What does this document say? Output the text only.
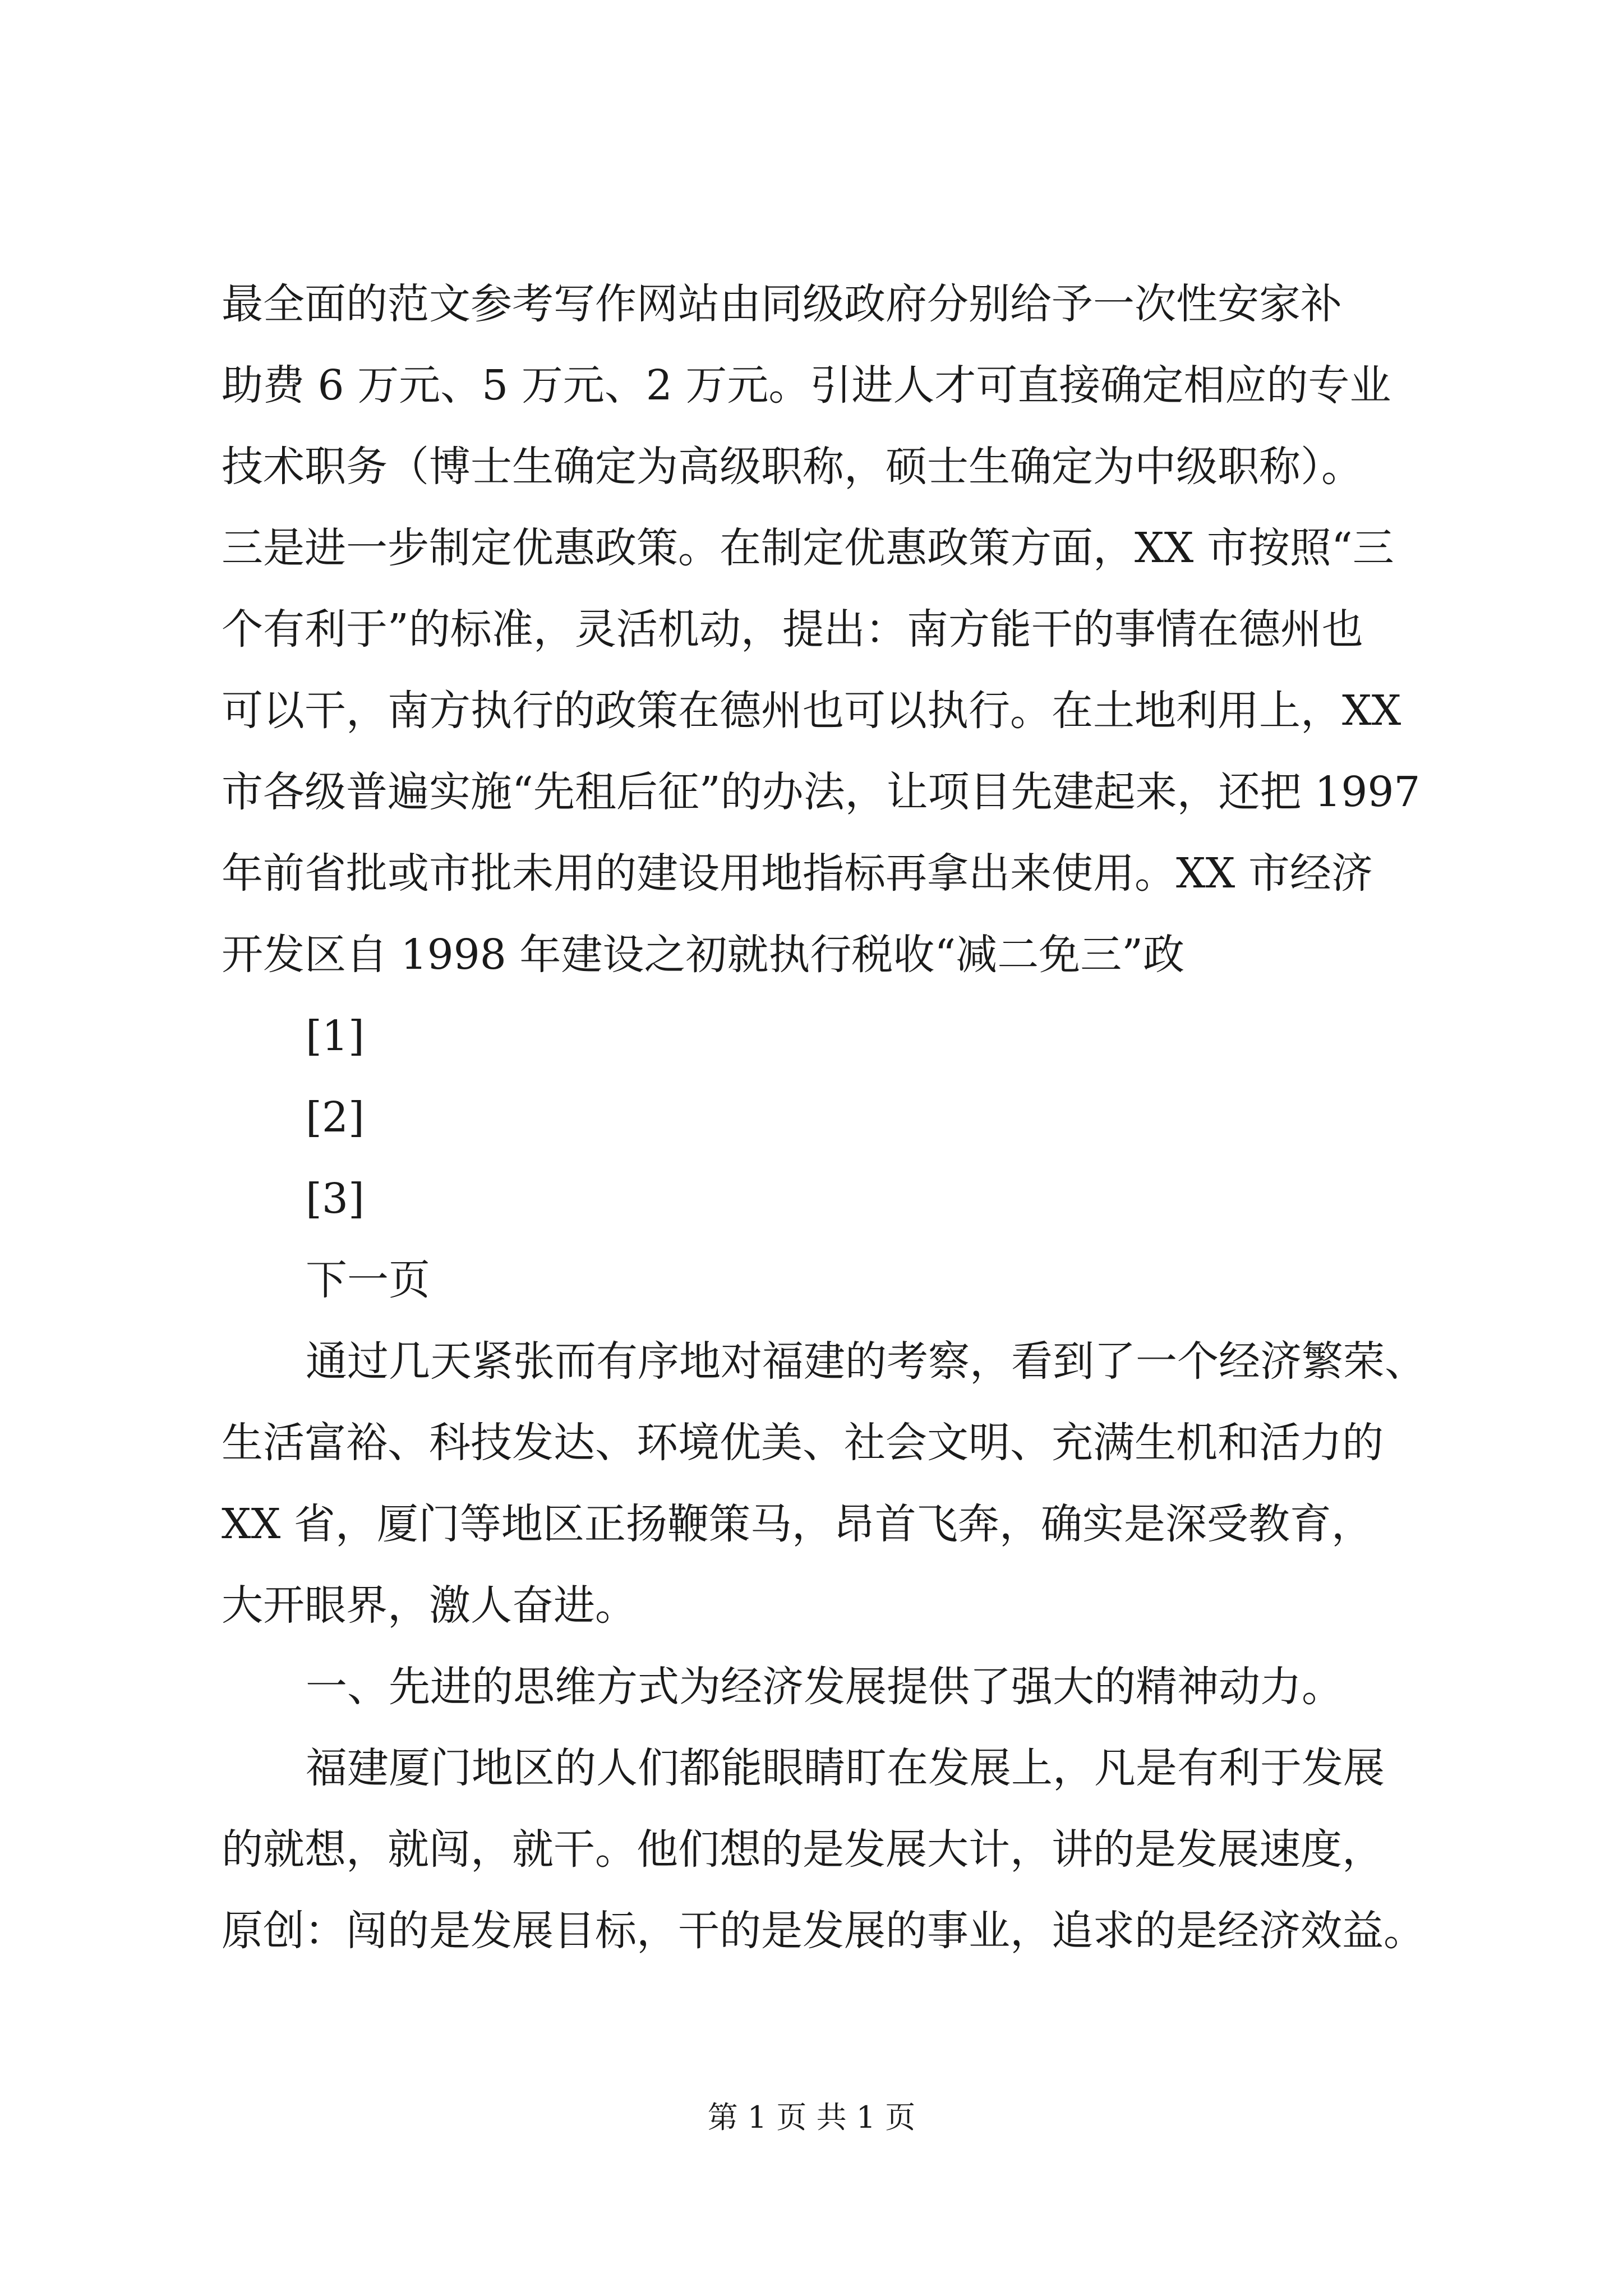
最全面的范文参考写作网站由同级政府分别给予一次性安家补
助费 6 万元、5 万元、2 万元。引进人才可直接确定相应的专业
技术职务（博士生确定为高级职称，硕士生确定为中级职称）。
三是进一步制定优惠政策。在制定优惠政策方面，XX 市按照“三
个有利于”的标准，灵活机动，提出：南方能干的事情在德州也
可以干，南方执行的政策在德州也可以执行。在土地利用上，XX
市各级普遍实施“先租后征”的办法，让项目先建起来，还把 1997
年前省批或市批未用的建设用地指标再拿出来使用。XX 市经济
开发区自 1998 年建设之初就执行税收“减二免三”政
[1]
[2]
[3]
下一页
通过几天紧张而有序地对福建的考察，看到了一个经济繁荣、
生活富裕、科技发达、环境优美、社会文明、充满生机和活力的
XX 省，厦门等地区正扬鞭策马，昂首飞奔，确实是深受教育，
大开眼界，激人奋进。
一、先进的思维方式为经济发展提供了强大的精神动力。
福建厦门地区的人们都能眼睛盯在发展上，凡是有利于发展
的就想，就闯，就干。他们想的是发展大计，讲的是发展速度，
原创：闯的是发展目标，干的是发展的事业，追求的是经济效益。
第 1 页 共 1 页
